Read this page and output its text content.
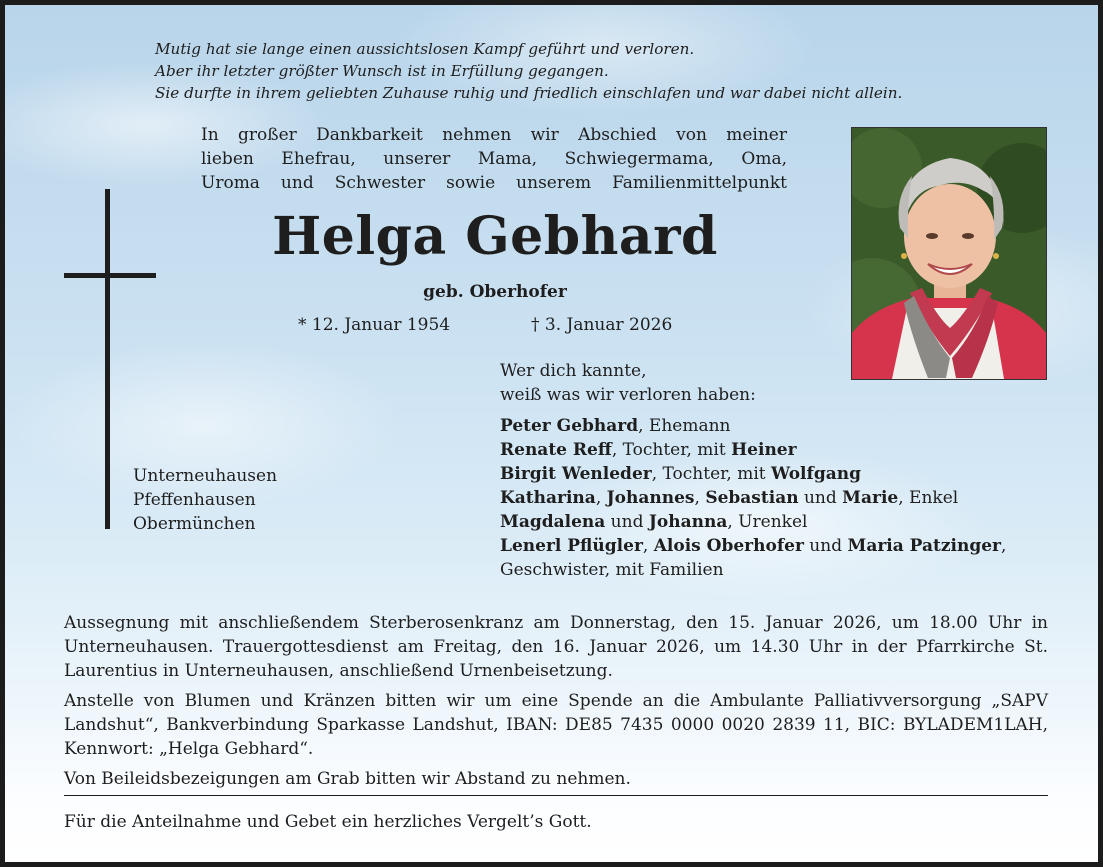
Mutig hat sie lange einen aussichtslosen Kampf geführt und verloren.
Aber ihr letzter größter Wunsch ist in Erfüllung gegangen.
Sie durfte in ihrem geliebten Zuhause ruhig und friedlich einschlafen und war dabei nicht allein.
In großer Dankbarkeit nehmen wir Abschied von meiner
lieben Ehefrau, unserer Mama, Schwiegermama, Oma,
Uroma und Schwester sowie unserem Familienmittelpunkt
Helga Gebhard
geb. Oberhofer
* 12. Januar 1954	† 3. Januar 2026
Unterneuhausen
Pfeffenhausen
Obermünchen
Wer dich kannte,
weiß was wir verloren haben:
Peter Gebhard, Ehemann
Renate Reff, Tochter, mit Heiner
Birgit Wenleder, Tochter, mit Wolfgang
Katharina, Johannes, Sebastian und Marie, Enkel
Magdalena und Johanna, Urenkel
Lenerl Pflügler, Alois Oberhofer und Maria Patzinger,
Geschwister, mit Familien
Aussegnung mit anschließendem Sterberosenkranz am Donnerstag, den 15. Januar 2026, um 18.00 Uhr in Unterneuhausen. Trauergottesdienst am Freitag, den 16. Januar 2026, um 14.30 Uhr in der Pfarrkirche St. Laurentius in Unterneuhausen, anschließend Urnenbeisetzung.
Anstelle von Blumen und Kränzen bitten wir um eine Spende an die Ambulante Palliativversorgung „SAPV Landshut“, Bankverbindung Sparkasse Landshut, IBAN: DE85 7435 0000 0020 2839 11, BIC: BYLADEM1LAH, Kennwort: „Helga Gebhard“.
Von Beileidsbezeigungen am Grab bitten wir Abstand zu nehmen.
Für die Anteilnahme und Gebet ein herzliches Vergelt’s Gott.
